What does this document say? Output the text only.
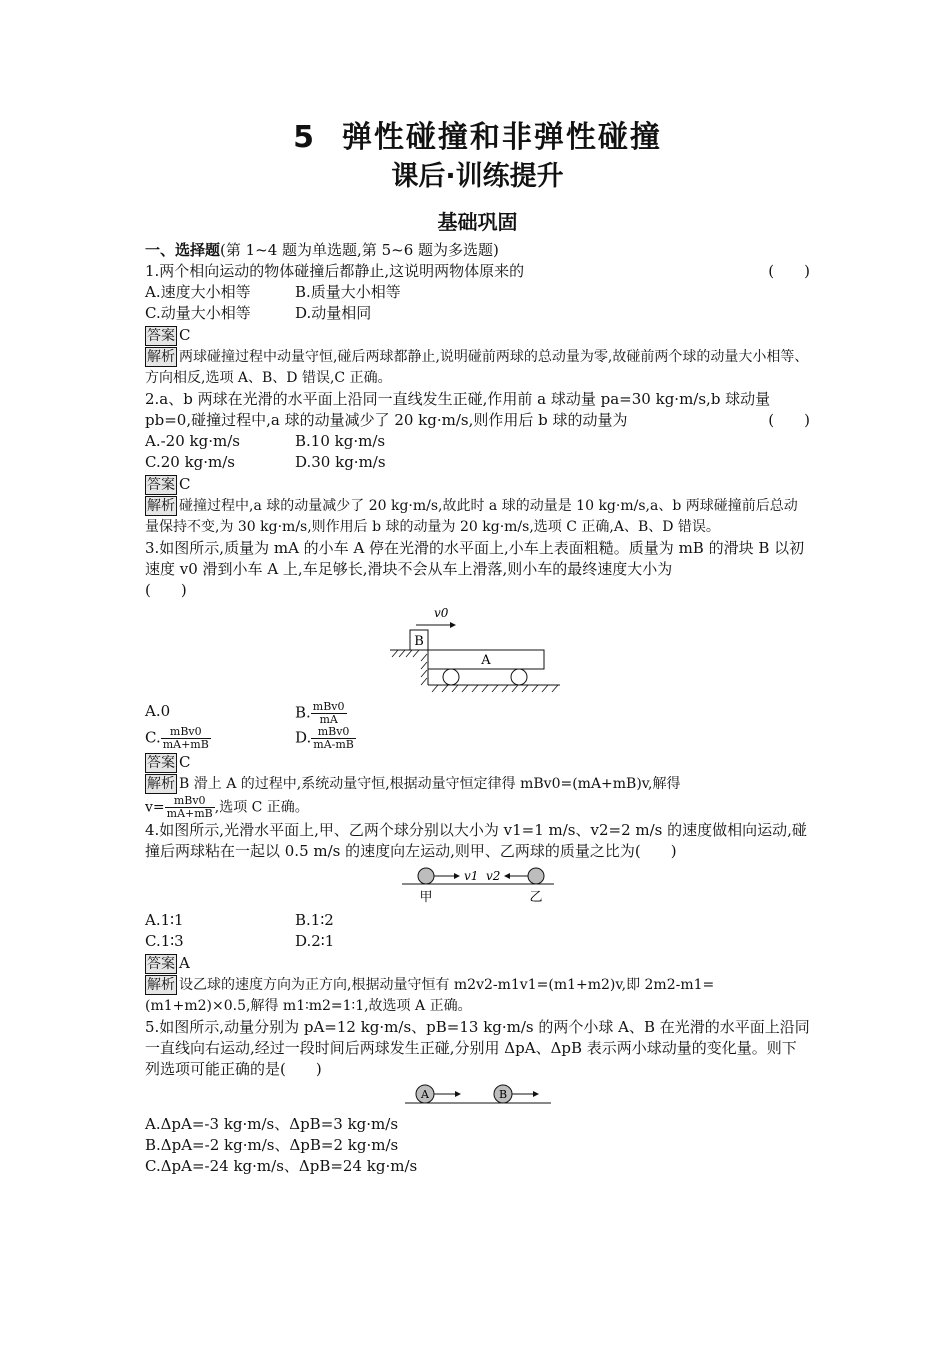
5 弹性碰撞和非弹性碰撞
课后·训练提升
基础巩固
一、选择题(第 1~4 题为单选题,第 5~6 题为多选题)
1.两个相向运动的物体碰撞后都静止,这说明两物体原来的	(　　)
A.速度大小相等	B.质量大小相等
C.动量大小相等	D.动量相同
答案 C
解析 两球碰撞过程中动量守恒,碰后两球都静止,说明碰前两球的总动量为零,故碰前两个球的动量大小相等、方向相反,选项 A、B、D 错误,C 正确。
2.a、b 两球在光滑的水平面上沿同一直线发生正碰,作用前 a 球动量 pa=30 kg·m/s,b 球动量
pb=0,碰撞过程中,a 球的动量减少了 20 kg·m/s,则作用后 b 球的动量为	(　　)
A.-20 kg·m/s	B.10 kg·m/s
C.20 kg·m/s	D.30 kg·m/s
答案 C
解析 碰撞过程中,a 球的动量减少了 20 kg·m/s,故此时 a 球的动量是 10 kg·m/s,a、b 两球碰撞前后总动量保持不变,为 30 kg·m/s,则作用后 b 球的动量为 20 kg·m/s,选项 C 正确,A、B、D 错误。
3.如图所示,质量为 mA 的小车 A 停在光滑的水平面上,小车上表面粗糙。质量为 mB 的滑块 B 以初速度 v0 滑到小车 A 上,车足够长,滑块不会从车上滑落,则小车的最终速度大小为
(　　)
v0
B
A
A.0	B. $\frac{\text{mBv0}}{mA}$
C. $\frac{\text{mBv0}}{mA+mB}$	D. $\frac{\text{mBv0}}{mA-mB}$
答案 C
解析 B 滑上 A 的过程中,系统动量守恒,根据动量守恒定律得 mBv0=(mA+mB)v,解得
$v= \frac{\text{mBv0}}{mA+mB}$ ,选项 C 正确。
4.如图所示,光滑水平面上,甲、乙两个球分别以大小为 v1=1 m/s、v2=2 m/s 的速度做相向运动,碰撞后两球粘在一起以 0.5 m/s 的速度向左运动,则甲、乙两球的质量之比为(　　)
v1 v2
甲	乙
A.1∶1	B.1∶2
C.1∶3	D.2∶1
答案 A
解析 设乙球的速度方向为正方向,根据动量守恒有 m2v2-m1v1=(m1+m2)v,即 2m2-m1=(m1+m2)×0.5,解得 m1∶m2=1∶1,故选项 A 正确。
5.如图所示,动量分别为 pA=12 kg·m/s、pB=13 kg·m/s 的两个小球 A、B 在光滑的水平面上沿同一直线向右运动,经过一段时间后两球发生正碰,分别用 ΔpA、ΔpB 表示两小球动量的变化量。则下列选项可能正确的是(　　)
A	B
A.ΔpA=-3 kg·m/s、ΔpB=3 kg·m/s
B.ΔpA=-2 kg·m/s、ΔpB=2 kg·m/s
C.ΔpA=-24 kg·m/s、ΔpB=24 kg·m/s
